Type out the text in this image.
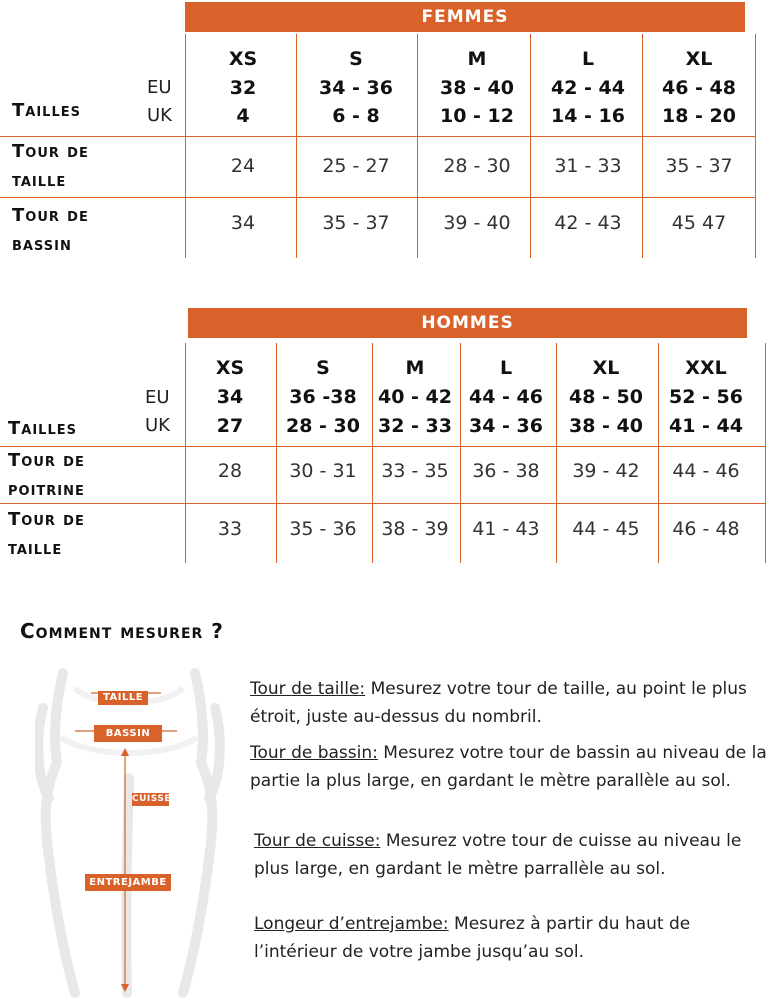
FEMMES
Tailles
EU
UK
XS
32
4
24
34
S
34 - 36
6 - 8
25 - 27
35 - 37
M
38 - 40
10 - 12
28 - 30
39 - 40
L
42 - 44
14 - 16
31 - 33
42 - 43
XL
46 - 48
18 - 20
35 - 37
45 47
Tour de
taille
Tour de
bassin
HOMMES
Tailles
EU
UK
XS
34
27
28
33
S
36 -38
28 - 30
30 - 31
35 - 36
M
40 - 42
32 - 33
33 - 35
38 - 39
L
44 - 46
34 - 36
36 - 38
41 - 43
XL
48 - 50
38 - 40
39 - 42
44 - 45
XXL
52 - 56
41 - 44
44 - 46
46 - 48
Tour de
poitrine
Tour de
taille
Comment mesurer ?
TAILLE
BASSIN
CUISSE
ENTREJAMBE
Tour de taille: Mesurez votre tour de taille, au point le plus étroit, juste au-dessus du nombril.
Tour de bassin: Mesurez votre tour de bassin au niveau de la partie la plus large, en gardant le mètre parallèle au sol.
Tour de cuisse: Mesurez votre tour de cuisse au niveau le plus large, en gardant le mètre parrallèle au sol.
Longeur d’entrejambe: Mesurez à partir du haut de l’intérieur de votre jambe jusqu’au sol.
